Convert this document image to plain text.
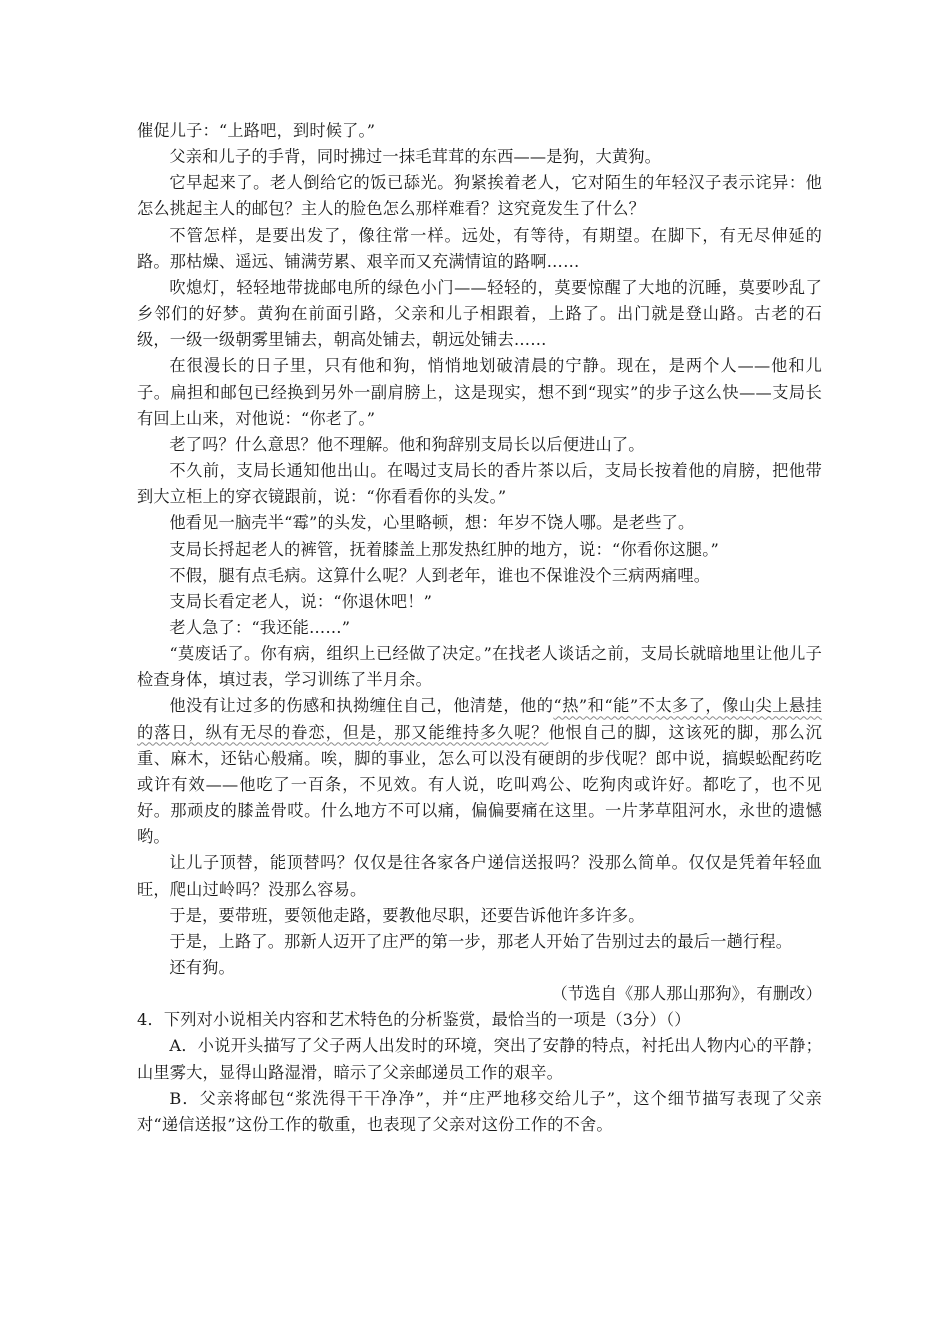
催促儿子：“上路吧，到时候了。”

父亲和儿子的手背，同时拂过一抹毛茸茸的东西——是狗，大黄狗。

它早起来了。老人倒给它的饭已舔光。狗紧挨着老人，它对陌生的年轻汉子表示诧异：他怎么挑起主人的邮包？主人的脸色怎么那样难看？这究竟发生了什么？

不管怎样，是要出发了，像往常一样。远处，有等待，有期望。在脚下，有无尽伸延的路。那枯燥、遥远、铺满劳累、艰辛而又充满情谊的路啊……

吹熄灯，轻轻地带拢邮电所的绿色小门——轻轻的，莫要惊醒了大地的沉睡，莫要吵乱了乡邻们的好梦。黄狗在前面引路，父亲和儿子相跟着，上路了。出门就是登山路。古老的石级，一级一级朝雾里铺去，朝高处铺去，朝远处铺去……

在很漫长的日子里，只有他和狗，悄悄地划破清晨的宁静。现在，是两个人——他和儿子。扁担和邮包已经换到另外一副肩膀上，这是现实，想不到“现实”的步子这么快——支局长有回上山来，对他说：“你老了。”

老了吗？什么意思？他不理解。他和狗辞别支局长以后便进山了。

不久前，支局长通知他出山。在喝过支局长的香片茶以后，支局长按着他的肩膀，把他带到大立柜上的穿衣镜跟前，说：“你看看你的头发。”

他看见一脑壳半“霉”的头发，心里略顿，想：年岁不饶人哪。是老些了。

支局长捋起老人的裤管，抚着膝盖上那发热红肿的地方，说：“你看你这腿。”

不假，腿有点毛病。这算什么呢？人到老年，谁也不保谁没个三病两痛哩。

支局长看定老人，说：“你退休吧！”

老人急了：“我还能……”

“莫废话了。你有病，组织上已经做了决定。”在找老人谈话之前，支局长就暗地里让他儿子检查身体，填过表，学习训练了半月余。

他没有让过多的伤感和执拗缠住自己，他清楚，他的“热”和“能”不太多了，像山尖上悬挂的落日，纵有无尽的眷恋，但是，那又能维持多久呢？他恨自己的脚，这该死的脚，那么沉重、麻木，还钻心般痛。唉，脚的事业，怎么可以没有硬朗的步伐呢？郎中说，搞蜈蚣配药吃或许有效——他吃了一百条，不见效。有人说，吃叫鸡公、吃狗肉或许好。都吃了，也不见好。那顽皮的膝盖骨哎。什么地方不可以痛，偏偏要痛在这里。一片茅草阻河水，永世的遗憾哟。

让儿子顶替，能顶替吗？仅仅是往各家各户递信送报吗？没那么简单。仅仅是凭着年轻血旺，爬山过岭吗？没那么容易。

于是，要带班，要领他走路，要教他尽职，还要告诉他许多许多。

于是，上路了。那新人迈开了庄严的第一步，那老人开始了告别过去的最后一趟行程。

还有狗。

（节选自《那人那山那狗》，有删改）

4．下列对小说相关内容和艺术特色的分析鉴赏，最恰当的一项是（3分）（）

A．小说开头描写了父子两人出发时的环境，突出了安静的特点，衬托出人物内心的平静；山里雾大，显得山路湿滑，暗示了父亲邮递员工作的艰辛。

B．父亲将邮包“浆洗得干干净净”，并“庄严地移交给儿子”，这个细节描写表现了父亲对“递信送报”这份工作的敬重，也表现了父亲对这份工作的不舍。
